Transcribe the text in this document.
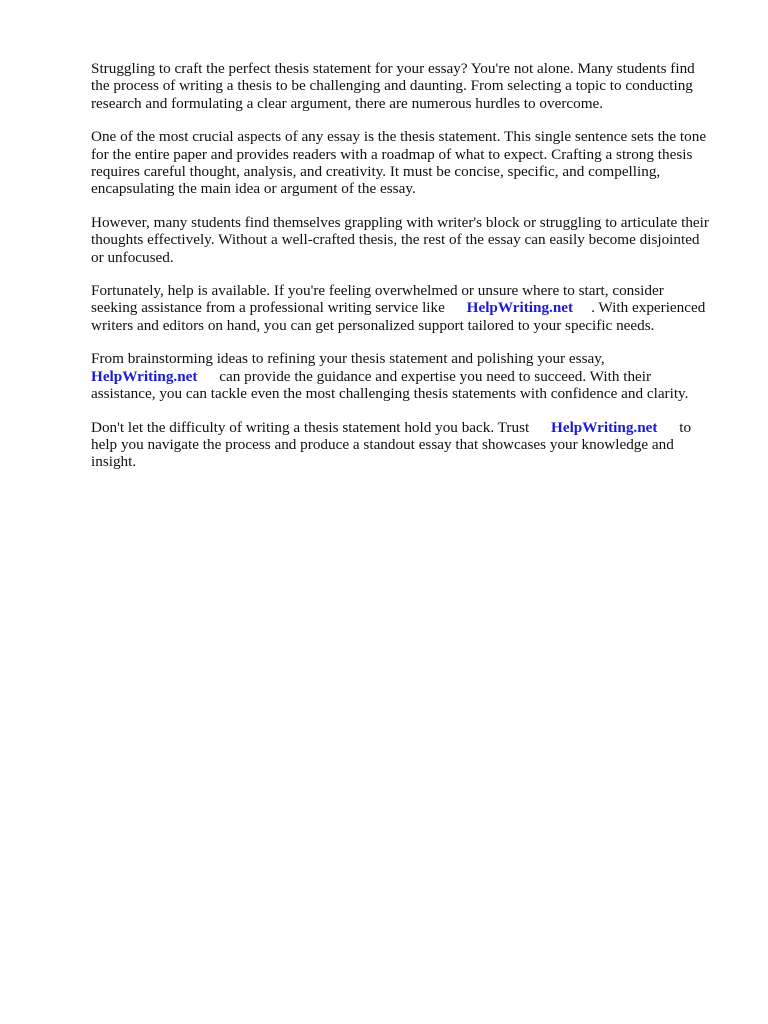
Struggling to craft the perfect thesis statement for your essay? You're not alone. Many students find the process of writing a thesis to be challenging and daunting. From selecting a topic to conducting research and formulating a clear argument, there are numerous hurdles to overcome.

One of the most crucial aspects of any essay is the thesis statement. This single sentence sets the tone for the entire paper and provides readers with a roadmap of what to expect. Crafting a strong thesis requires careful thought, analysis, and creativity. It must be concise, specific, and compelling, encapsulating the main idea or argument of the essay.

However, many students find themselves grappling with writer's block or struggling to articulate their thoughts effectively. Without a well-crafted thesis, the rest of the essay can easily become disjointed or unfocused.

Fortunately, help is available. If you're feeling overwhelmed or unsure where to start, consider seeking assistance from a professional writing service like HelpWriting.net . With experienced writers and editors on hand, you can get personalized support tailored to your specific needs.

From brainstorming ideas to refining your thesis statement and polishing your essay,
HelpWriting.net can provide the guidance and expertise you need to succeed. With their assistance, you can tackle even the most challenging thesis statements with confidence and clarity.

Don't let the difficulty of writing a thesis statement hold you back. Trust HelpWriting.net to help you navigate the process and produce a standout essay that showcases your knowledge and insight.
